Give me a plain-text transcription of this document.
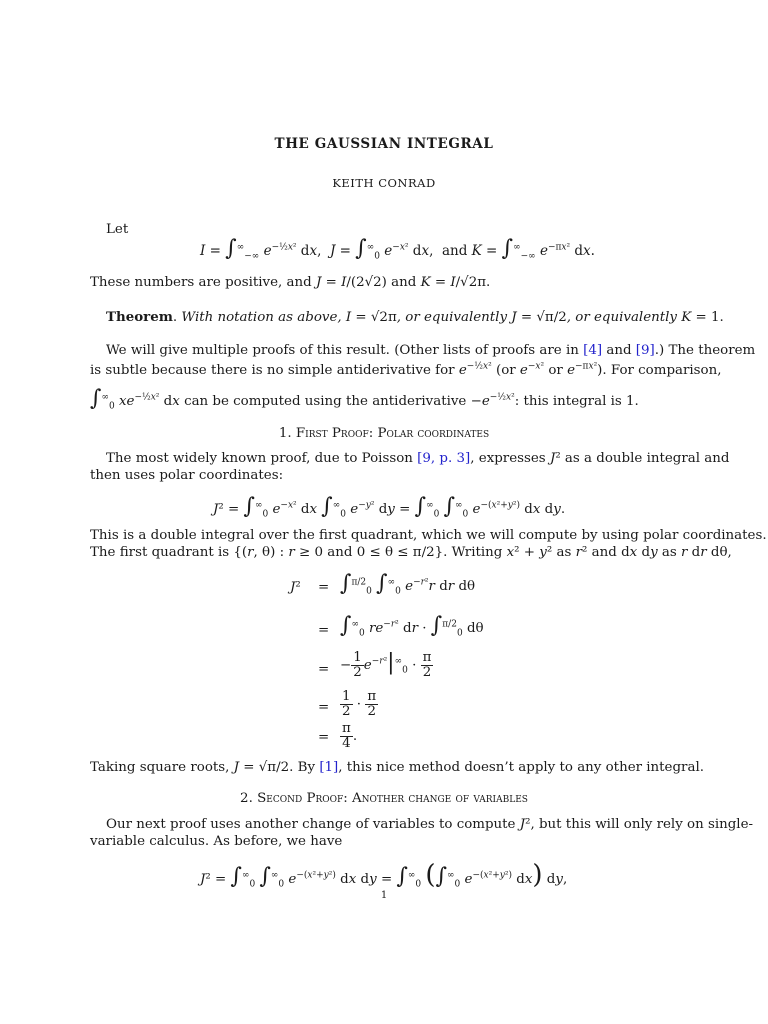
THE GAUSSIAN INTEGRAL
KEITH CONRAD
Let
$I = \int^\infty_{-\infty}$ $e^{-\frac{1}{2}x^2}$ dx,  $J = \int^\infty_0$ $e^{-x^2}$ dx,  and $K = \int^\infty_{-\infty}$ $e^{-\pi x^2}$ dx.
These numbers are positive, and J = I/(2√2) and K = I/√2π.
Theorem. With notation as above, I = √2π, or equivalently J = √π/2, or equivalently K = 1.
We will give multiple proofs of this result. (Other lists of proofs are in [4] and [9].) The theorem
is subtle because there is no simple antiderivative for $e^{-\frac{1}{2}x^2}$ (or $e^{-x^2}$ or $e^{-\pi x^2}$). For comparison,
$\int^\infty_0$ $xe^{-\frac{1}{2}x^2}$ dx can be computed using the antiderivative $-e^{-\frac{1}{2}x^2}$: this integral is 1.
1. First Proof: Polar coordinates
The most widely known proof, due to Poisson [9, p. 3], expresses J² as a double integral and
then uses polar coordinates:
$J^2 = \int^\infty_0$ $e^{-x^2}$ dx $\int^\infty_0$ $e^{-y^2}$ dy = $\int^\infty_0$ $\int^\infty_0$ $e^{-(x^2+y^2)}$ dx dy.
This is a double integral over the first quadrant, which we will compute by using polar coordinates.
The first quadrant is {(r, θ) : r ≥ 0 and 0 ≤ θ ≤ π/2}. Writing x² + y² as r² and dx dy as r dr dθ,
J² = ∫$^{\pi/2}_0$ $\int^\infty_0$ $e^{-r^2}r$ dr dθ
= $\int^\infty_0$ $re^{-r^2}$ dr · ∫$^{\pi/2}_0$ dθ
= − $\frac{1}{2} e^{-r^2}|^\infty_0 \cdot \frac{\pi}{2}$
= $\frac{1}{2} \cdot \frac{\pi}{2}$
= $\frac{\pi}{4}$ .
Taking square roots, J = √π/2. By [1], this nice method doesn’t apply to any other integral.
2. Second Proof: Another change of variables
Our next proof uses another change of variables to compute J², but this will only rely on single-
variable calculus. As before, we have
$J^2 = \int^\infty_0$ $\int^\infty_0$ $e^{-(x^2+y^2)}$ dx dy = $\int^\infty_0$ ($\int^\infty_0$ $e^{-(x^2+y^2)}$ dx) dy,
1
